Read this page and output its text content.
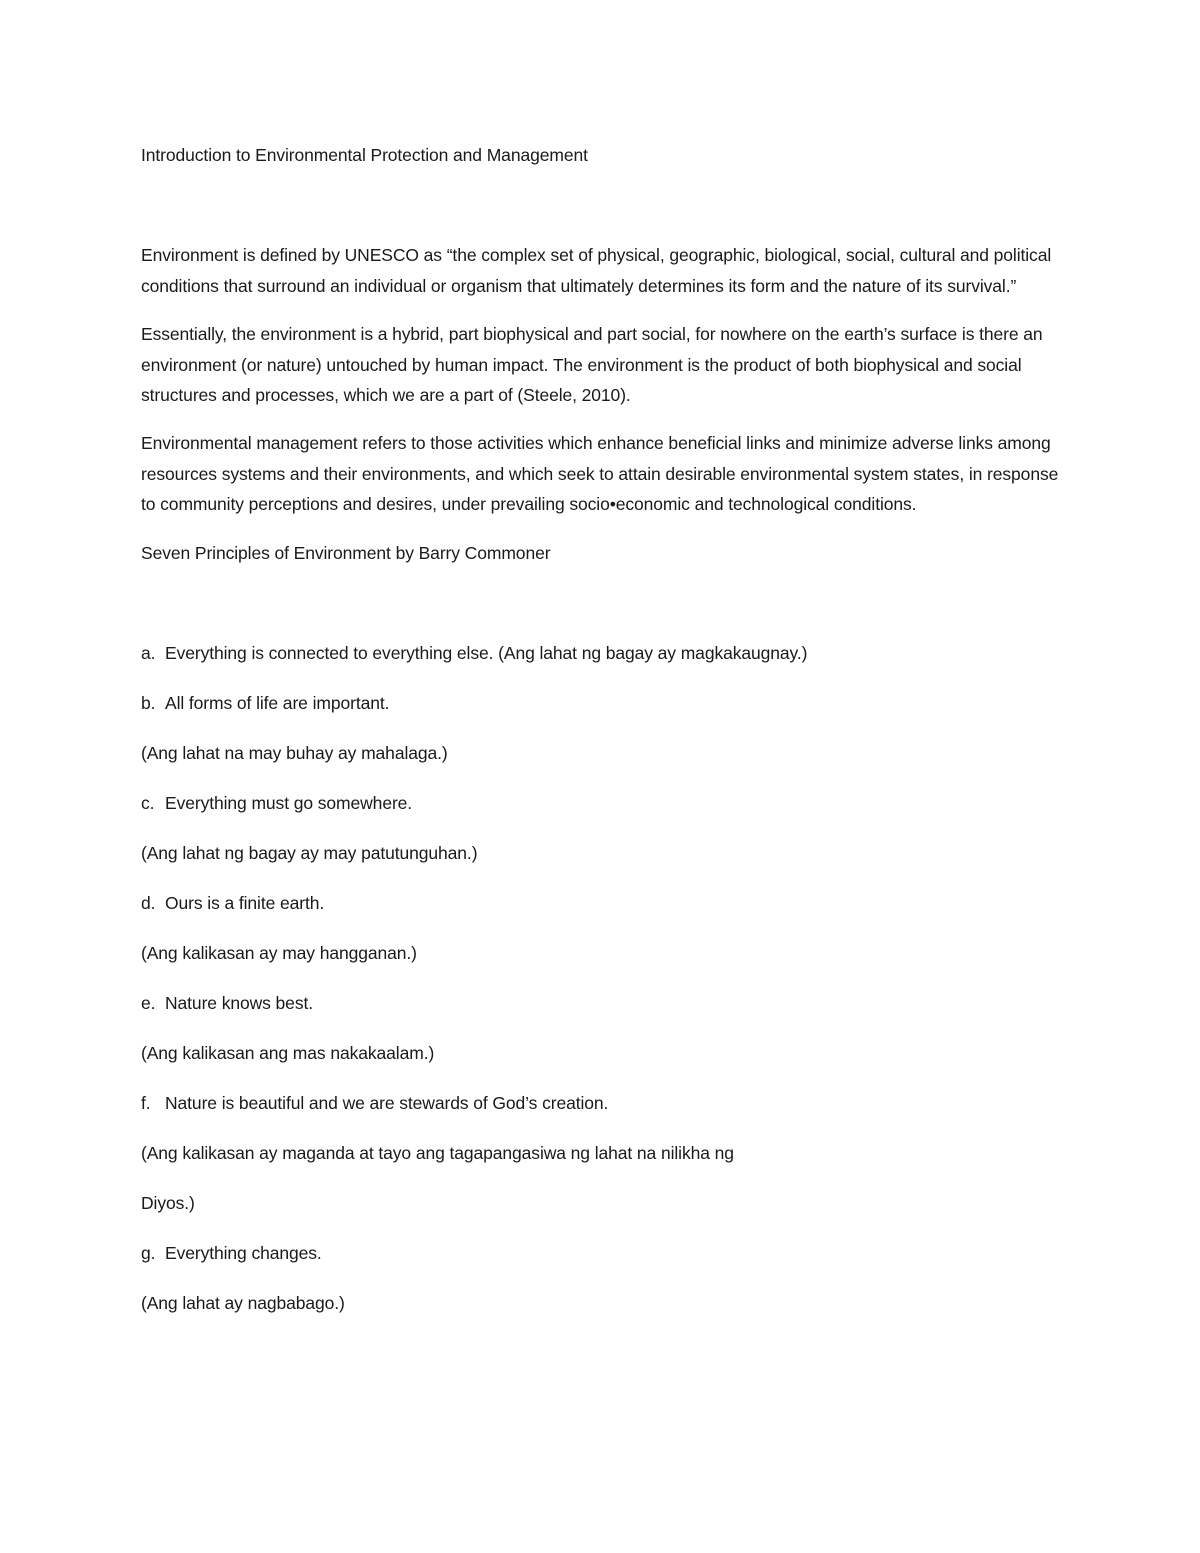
Introduction to Environmental Protection and Management

Environment is defined by UNESCO as “the complex set of physical, geographic, biological, social, cultural and political conditions that surround an individual or organism that ultimately determines its form and the nature of its survival.”

Essentially, the environment is a hybrid, part biophysical and part social, for nowhere on the earth’s surface is there an environment (or nature) untouched by human impact. The environment is the product of both biophysical and social structures and processes, which we are a part of (Steele, 2010).

Environmental management refers to those activities which enhance beneficial links and minimize adverse links among resources systems and their environments, and which seek to attain desirable environmental system states, in response to community perceptions and desires, under prevailing socio•economic and technological conditions.

Seven Principles of Environment by Barry Commoner

a. Everything is connected to everything else. (Ang lahat ng bagay ay magkakaugnay.)
b. All forms of life are important.
(Ang lahat na may buhay ay mahalaga.)
c. Everything must go somewhere.
(Ang lahat ng bagay ay may patutunguhan.)
d. Ours is a finite earth.
(Ang kalikasan ay may hangganan.)
e. Nature knows best.
(Ang kalikasan ang mas nakakaalam.)
f. Nature is beautiful and we are stewards of God’s creation.
(Ang kalikasan ay maganda at tayo ang tagapangasiwa ng lahat na nilikha ng
Diyos.)
g. Everything changes.
(Ang lahat ay nagbabago.)
